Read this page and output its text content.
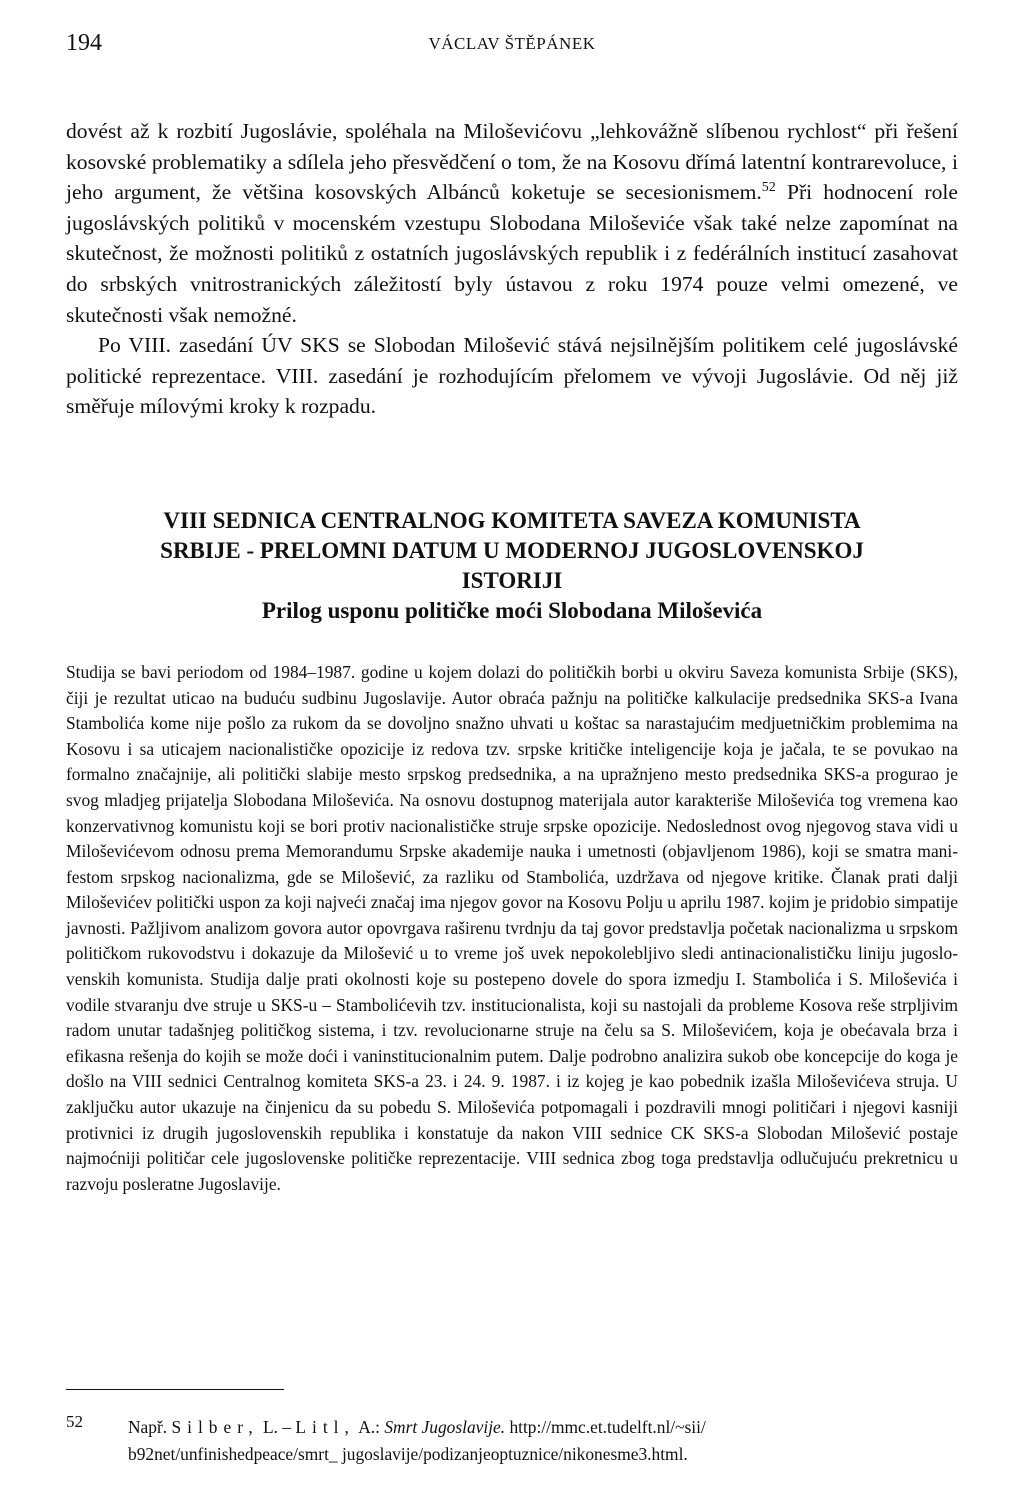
194	VÁCLAV ŠTĚPÁNEK

dovést až k rozbití Jugoslávie, spoléhala na Miloševićovu „lehkovážně slíbenou rychlost“ při řešení kosovské problematiky a sdílela jeho přesvědčení o tom, že na Kosovu dřímá latentní kontrarevoluce, i jeho argument, že většina kosovských Albánců koketuje se secesionismem.$^{52}$ Při hodnocení role jugoslávských politiků v mocenském vzestupu Slobodana Miloševiće však také nelze zapomínat na skutečnost, že možnosti politiků z ostatních jugoslávských republik i z fedérálních institucí zasahovat do srbských vnitrostranických záležitostí byly ústavou z roku 1974 pouze velmi omezené, ve skutečnosti však nemožné.

Po VIII. zasedání ÚV SKS se Slobodan Milošević stává nejsilnějším politikem celé jugoslávské politické reprezentace. VIII. zasedání je rozhodujícím přelomem ve vývoji Jugoslávie. Od něj již směřuje mílovými kroky k rozpadu.

VIII SEDNICA CENTRALNOG KOMITETA SAVEZA KOMUNISTA
SRBIJE - PRELOMNI DATUM U MODERNOJ JUGOSLOVENSKOJ
ISTORIJI

Prilog usponu političke moći Slobodana Miloševića

Studija se bavi periodom od 1984–1987. godine u kojem dolazi do političkih borbi u okviru Saveza komunista Srbije (SKS), čiji je rezultat uticao na buduću sudbinu Jugoslavije. Autor obraća pažnju na političke kalkulacije predsednika SKS-a Ivana Stambolića kome nije pošlo za rukom da se dovoljno snažno uhvati u koštac sa narastajućim medjuetničkim problemima na Kosovu i sa uticajem nacionalističke opozicije iz redova tzv. srpske kritičke inteligencije koja je jačala, te se povukao na formalno značajnije, ali politički slabije mesto srpskog predsednika, a na upražnjeno mesto predsednika SKS-a progurao je svog mladjeg prijatelja Slobodana Miloševića. Na osnovu dostupnog materijala autor karakteriše Miloševića tog vremena kao konzervativnog komunistu koji se bori protiv nacionalističke struje srpske opozicije. Nedoslednost ovog njegovog stava vidi u Miloševićevom odnosu prema Memorandumu Srpske akademije nauka i umetnosti (objavljenom 1986), koji se smatra manifestom srpskog nacionalizma, gde se Milošević, za razliku od Stambolića, uzdržava od njegove kritike. Članak prati dalji Miloševićev politički uspon za koji najveći značaj ima njegov govor na Kosovu Polju u aprilu 1987. kojim je pridobio simpatije javnosti. Pažljivom analizom govora autor opovrgava raširenu tvrdnju da taj govor predstavlja početak nacionalizma u srpskom političkom rukovodstvu i dokazuje da Milošević u to vreme još uvek nepokolebljivo sledi antinacionalističku liniju jugoslovenskih komunista. Studija dalje prati okolnosti koje su postepeno dovele do spora izmedju I. Stambolića i S. Miloševića i vodile stvaranju dve struje u SKS-u – Stambolićevih tzv. institucionalista, koji su nastojali da probleme Kosova reše strpljivim radom unutar tadašnjeg političkog sistema, i tzv. revolucionarne struje na čelu sa S. Miloševićem, koja je obećavala brza i efikasna rešenja do kojih se može doći i vaninstitucionalnim putem. Dalje podrobno analizira sukob obe koncepcije do koga je došlo na VIII sednici Centralnog komiteta SKS-a 23. i 24. 9. 1987. i iz kojeg je kao pobednik izašla Miloševićeva struja. U zaključku autor ukazuje na činjenicu da su pobedu S. Miloševića potpomagali i pozdravili mnogi političari i njegovi kasniji protivnici iz drugih jugoslovenskih republika i konstatuje da nakon VIII sednice CK SKS-a Slobodan Milošević postaje najmoćniji političar cele jugoslovenske političke reprezentacije. VIII sednica zbog toga predstavlja odlučujuću prekretnicu u razvoju posleratne Jugoslavije.
52	Např. Silber, L. – Litl, A.: Smrt Jugoslavije. http://mmc.et.tudelft.nl/~sii/
b92net/unfinishedpeace/smrt_ jugoslavije/podizanjeoptuznice/nikonesme3.html.
